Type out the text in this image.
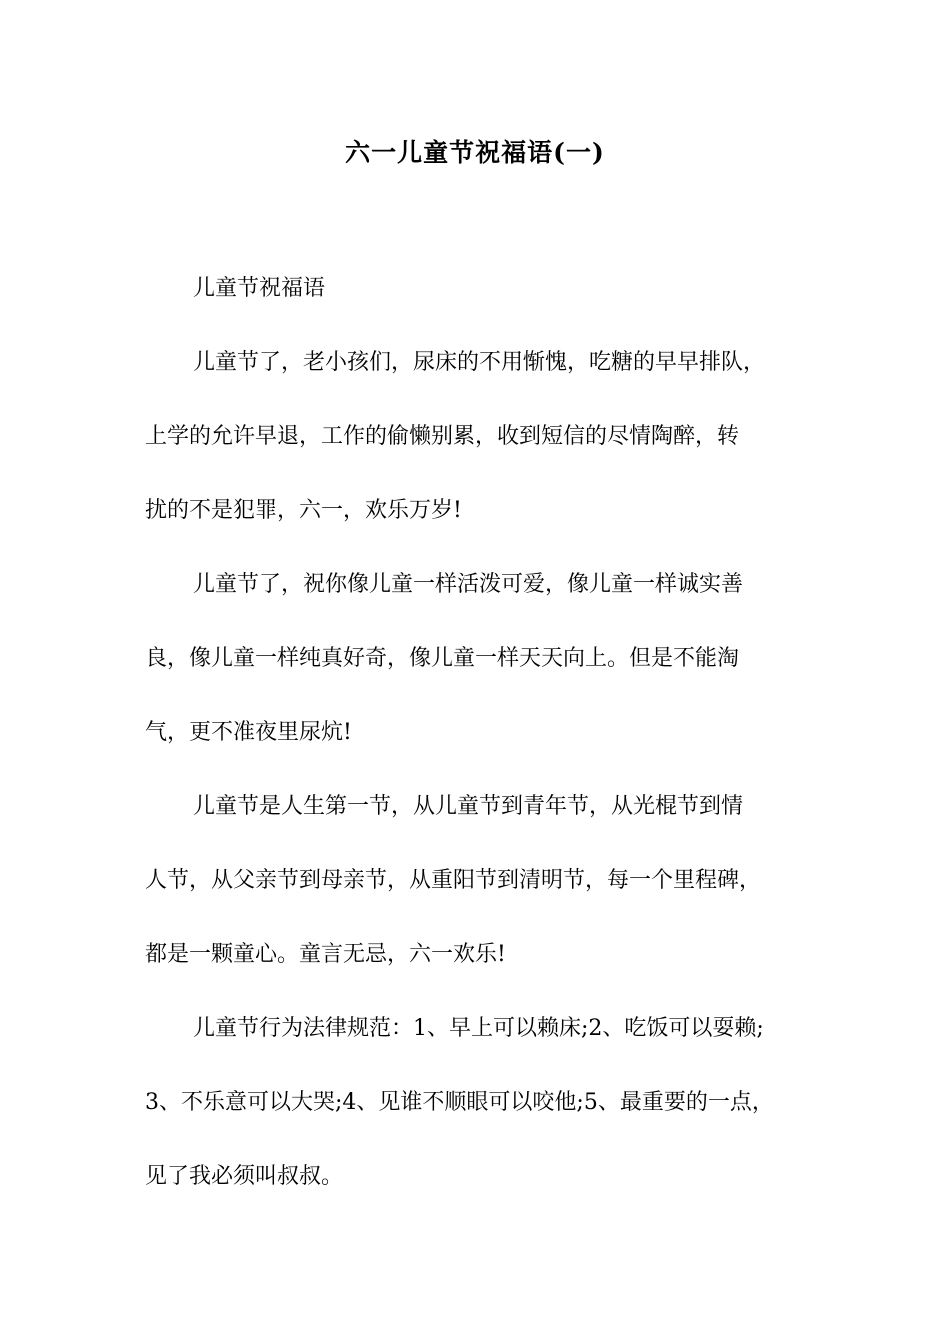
六一儿童节祝福语(一)
儿童节祝福语
儿童节了，老小孩们，尿床的不用惭愧，吃糖的早早排队，
上学的允许早退，工作的偷懒别累，收到短信的尽情陶醉，转
扰的不是犯罪，六一，欢乐万岁!
儿童节了，祝你像儿童一样活泼可爱，像儿童一样诚实善
良，像儿童一样纯真好奇，像儿童一样天天向上。但是不能淘
气，更不准夜里尿炕!
儿童节是人生第一节，从儿童节到青年节，从光棍节到情
人节，从父亲节到母亲节，从重阳节到清明节，每一个里程碑，
都是一颗童心。童言无忌，六一欢乐!
儿童节行为法律规范：1、早上可以赖床;2、吃饭可以耍赖;
3、不乐意可以大哭;4、见谁不顺眼可以咬他;5、最重要的一点，
见了我必须叫叔叔。
